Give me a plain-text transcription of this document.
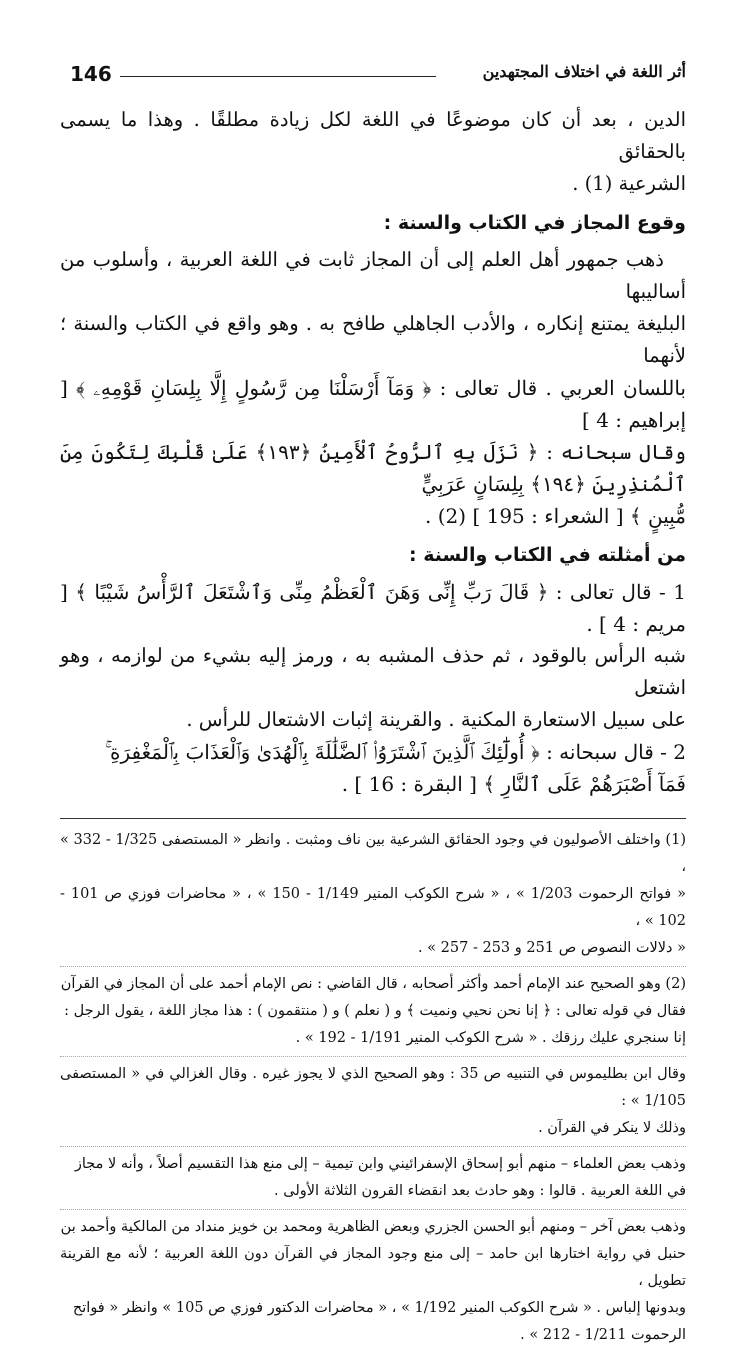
146	أثر اللغة في اختلاف المجتهدين

الدين ، بعد أن كان موضوعًا في اللغة لكل زيادة مطلقًا . وهذا ما يسمى بالحقائق

الشرعية (1) .

وقوع المجاز في الكتاب والسنة :

ذهب جمهور أهل العلم إلى أن المجاز ثابت في اللغة العربية ، وأسلوب من أساليبها

البليغة يمتنع إنكاره ، والأدب الجاهلي طافح به . وهو واقع في الكتاب والسنة ؛ لأنهما

باللسان العربي . قال تعالى : ﴿ وَمَآ أَرْسَلْنَا مِن رَّسُولٍ إِلَّا بِلِسَانِ قَوْمِهِۦ ﴾ [ إبراهيم : 4 ]

وقال سبحانه : ﴿ نَزَلَ بِهِ ٱلرُّوحُ ٱلْأَمِينُ ﴿١٩٣﴾ عَلَىٰ قَلْبِكَ لِتَكُونَ مِنَ ٱلْمُنذِرِينَ ﴿١٩٤﴾ بِلِسَانٍ عَرَبِيٍّ

مُّبِينٍ ﴾ [ الشعراء : 195 ] (2) .

من أمثلته في الكتاب والسنة :

1 - قال تعالى : ﴿ قَالَ رَبِّ إِنِّى وَهَنَ ٱلْعَظْمُ مِنِّى وَٱشْتَعَلَ ٱلرَّأْسُ شَيْبًا ﴾ [ مريم : 4 ] .

شبه الرأس بالوقود ، ثم حذف المشبه به ، ورمز إليه بشيء من لوازمه ، وهو اشتعل

على سبيل الاستعارة المكنية . والقرينة إثبات الاشتعال للرأس .

2 - قال سبحانه : ﴿ أُولَٰٓئِكَ ٱلَّذِينَ ٱشْتَرَوُا۟ ٱلضَّلَٰلَةَ بِٱلْهُدَىٰ وَٱلْعَذَابَ بِٱلْمَغْفِرَةِ ۚ

فَمَآ أَصْبَرَهُمْ عَلَى ٱلنَّارِ ﴾ [ البقرة : 16 ] .

(1) واختلف الأصوليون في وجود الحقائق الشرعية بين ناف ومثبت . وانظر « المستصفى 1/325 - 332 » ،

« فواتح الرحموت 1/203 » ، « شرح الكوكب المنير 1/149 - 150 » ، « محاضرات فوزي ص 101 - 102 » ،

« دلالات النصوص ص 251 و 253 - 257 » .

(2) وهو الصحيح عند الإمام أحمد وأكثر أصحابه ، قال القاضي : نص الإمام أحمد على أن المجاز في القرآن

فقال في قوله تعالى : ﴿ إنا نحن نحيي ونميت ﴾ و ( نعلم ) و ( منتقمون ) : هذا مجاز اللغة ، يقول الرجل :

إنا سنجري عليك رزقك . « شرح الكوكب المنير 1/191 - 192 » .

وقال ابن بطليموس في التنبيه ص 35 : وهو الصحيح الذي لا يجوز غيره . وقال الغزالي في « المستصفى 1/105 » :

وذلك لا ينكر في القرآن .

وذهب بعض العلماء – منهم أبو إسحاق الإسفرائيني وابن تيمية – إلى منع هذا التقسيم أصلاً ، وأنه لا مجاز

في اللغة العربية . قالوا : وهو حادث بعد انقضاء القرون الثلاثة الأولى .

وذهب بعض آخر – ومنهم أبو الحسن الجزري وبعض الظاهرية ومحمد بن خويز منداد من المالكية وأحمد بن

حنبل في رواية اختارها ابن حامد – إلى منع وجود المجاز في القرآن دون اللغة العربية ؛ لأنه مع القرينة تطويل ،

وبدونها إلباس . « شرح الكوكب المنير 1/192 » ، « محاضرات الدكتور فوزي ص 105 » وانظر « فواتح

الرحموت 1/211 - 212 » .
